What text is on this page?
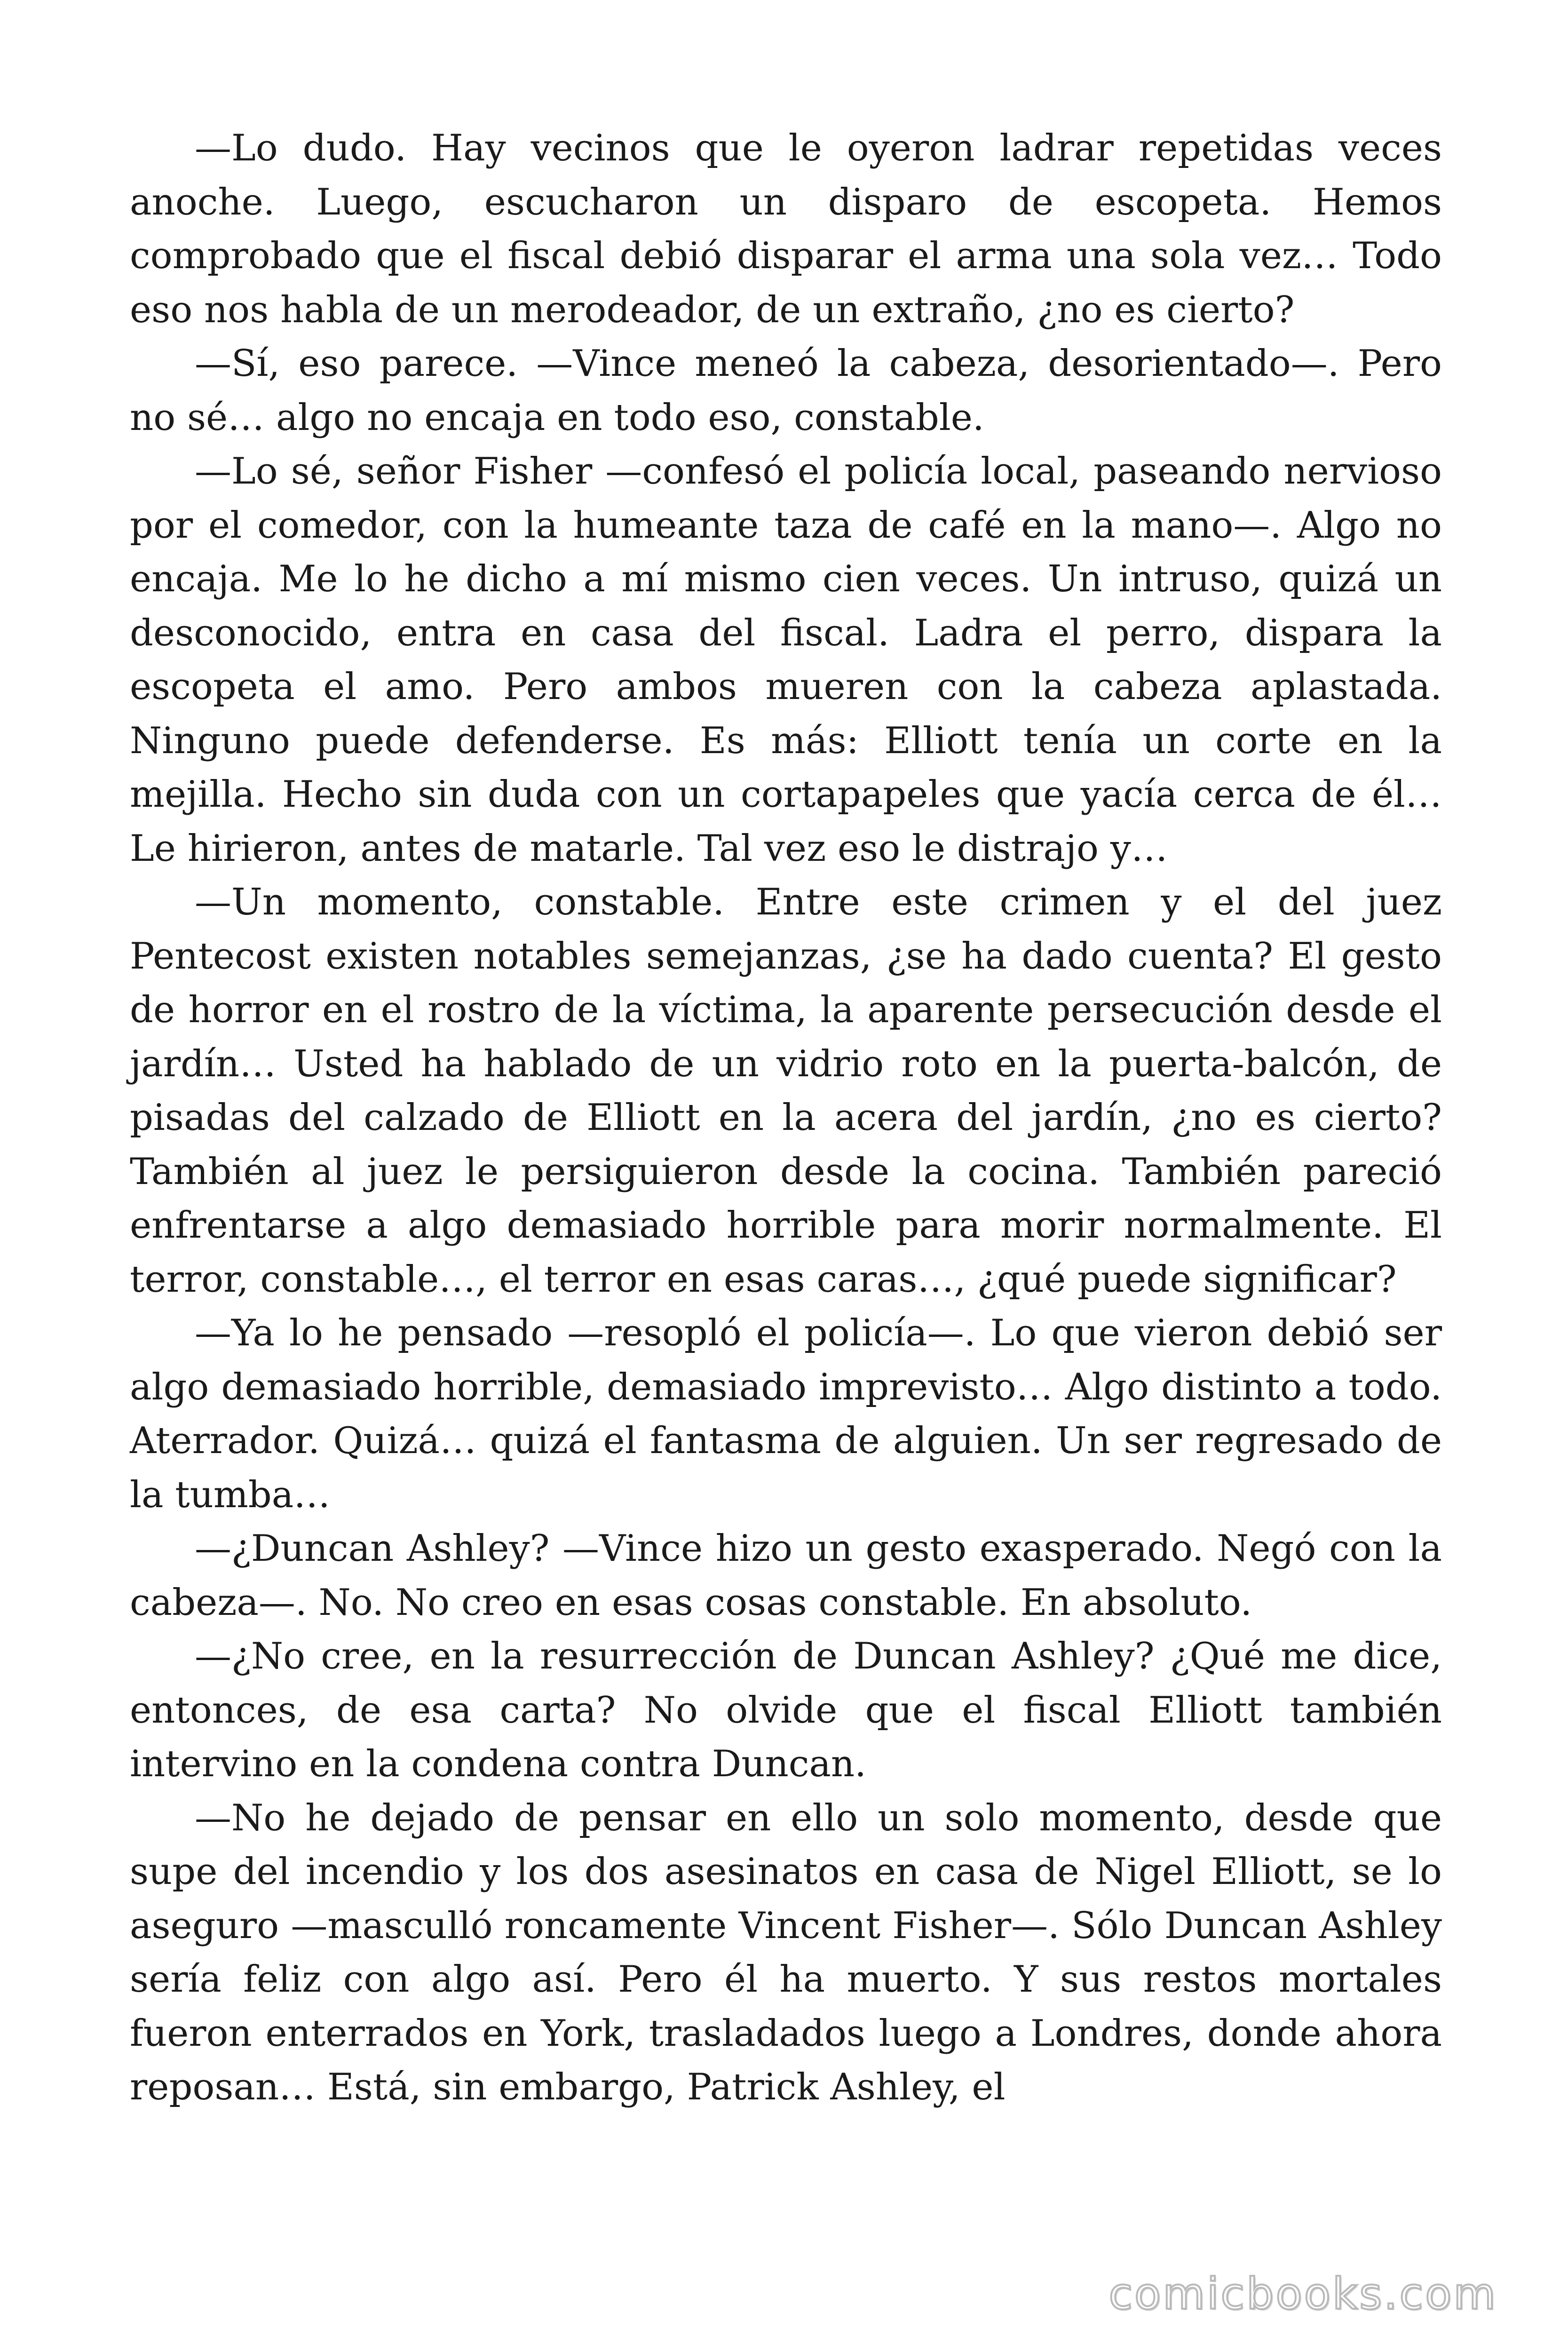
—Lo dudo. Hay vecinos que le oyeron ladrar repetidas veces anoche. Luego, escucharon un disparo de escopeta. Hemos comprobado que el fiscal debió disparar el arma una sola vez… Todo eso nos habla de un merodeador, de un extraño, ¿no es cierto?

—Sí, eso parece. —Vince meneó la cabeza, desorientado—. Pero no sé… algo no encaja en todo eso, constable.

—Lo sé, señor Fisher —confesó el policía local, paseando nervioso por el comedor, con la humeante taza de café en la mano—. Algo no encaja. Me lo he dicho a mí mismo cien veces. Un intruso, quizá un desconocido, entra en casa del fiscal. Ladra el perro, dispara la escopeta el amo. Pero ambos mueren con la cabeza aplastada. Ninguno puede defenderse. Es más: Elliott tenía un corte en la mejilla. Hecho sin duda con un cortapapeles que yacía cerca de él… Le hirieron, antes de matarle. Tal vez eso le distrajo y…

—Un momento, constable. Entre este crimen y el del juez Pentecost existen notables semejanzas, ¿se ha dado cuenta? El gesto de horror en el rostro de la víctima, la aparente persecución desde el jardín… Usted ha hablado de un vidrio roto en la puerta-balcón, de pisadas del calzado de Elliott en la acera del jardín, ¿no es cierto? También al juez le persiguieron desde la cocina. También pareció enfrentarse a algo demasiado horrible para morir normalmente. El terror, constable…, el terror en esas caras…, ¿qué puede significar?

—Ya lo he pensado —resopló el policía—. Lo que vieron debió ser algo demasiado horrible, demasiado imprevisto… Algo distinto a todo. Aterrador. Quizá… quizá el fantasma de alguien. Un ser regresado de la tumba…

—¿Duncan Ashley? —Vince hizo un gesto exasperado. Negó con la cabeza—. No. No creo en esas cosas constable. En absoluto.

—¿No cree, en la resurrección de Duncan Ashley? ¿Qué me dice, entonces, de esa carta? No olvide que el fiscal Elliott también intervino en la condena contra Duncan.

—No he dejado de pensar en ello un solo momento, desde que supe del incendio y los dos asesinatos en casa de Nigel Elliott, se lo aseguro —masculló roncamente Vincent Fisher—. Sólo Duncan Ashley sería feliz con algo así. Pero él ha muerto. Y sus restos mortales fueron enterrados en York, trasladados luego a Londres, donde ahora reposan… Está, sin embargo, Patrick Ashley, el

comicbooks.com
